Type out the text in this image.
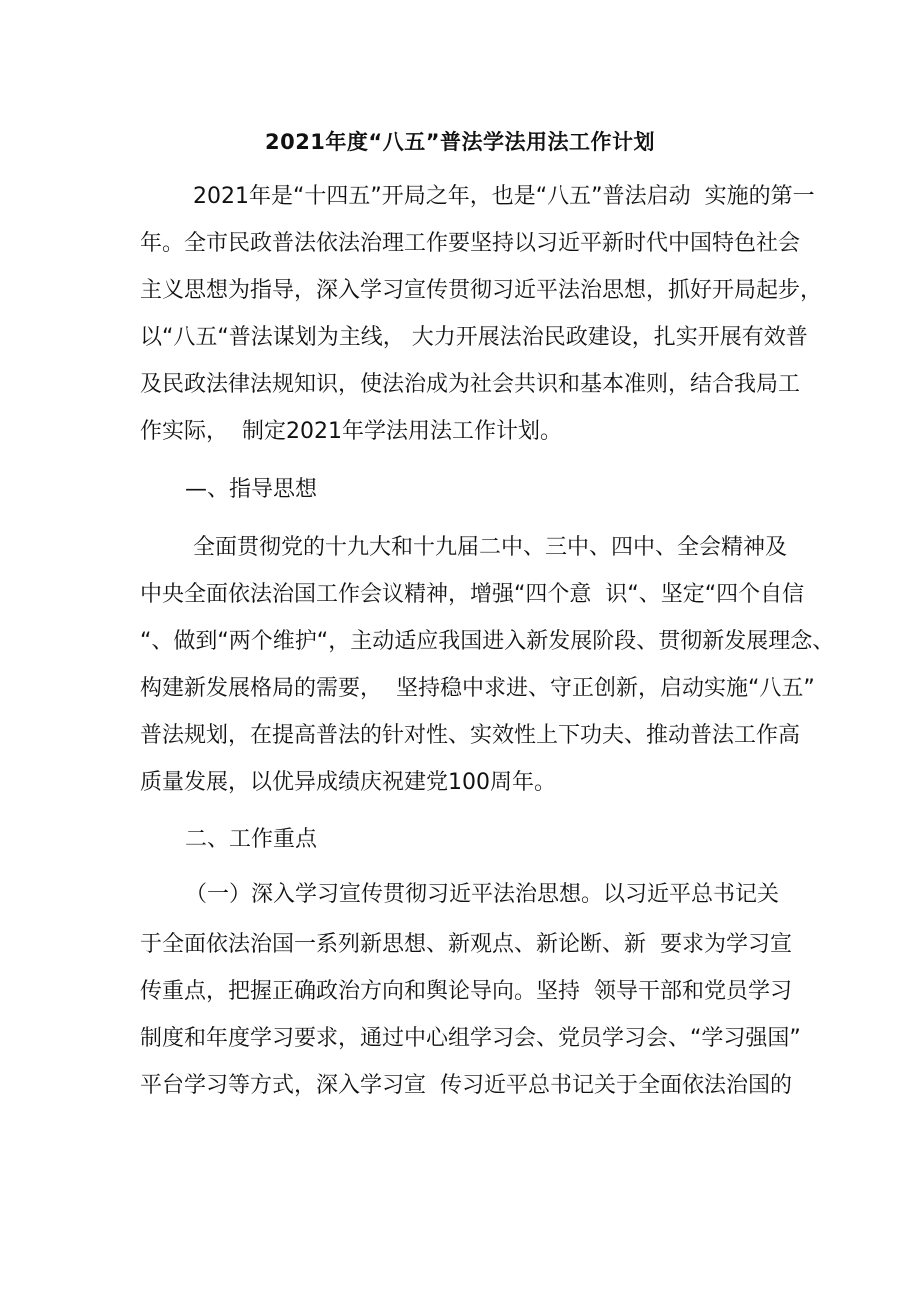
2021年度“八五”普法学法用法工作计划
2021年是“十四五”开局之年，也是“八五”普法启动  实施的第一
年。全市民政普法依法治理工作要坚持以习近平新时代中国特色社会
主义思想为指导，深入学习宣传贯彻习近平法治思想，抓好开局起步，
以“八五“普法谋划为主线， 大力开展法治民政建设，扎实开展有效普
及民政法律法规知识，使法治成为社会共识和基本准则，结合我局工
作实际，  制定2021年学法用法工作计划。
—、指导思想
全面贯彻党的十九大和十九届二中、三中、四中、全会精神及
中央全面依法治国工作会议精神，增强“四个意  识“、坚定“四个自信
“、做到“两个维护“，主动适应我国进入新发展阶段、贯彻新发展理念、
构建新发展格局的需要，  坚持稳中求进、守正创新，启动实施“八五”
普法规划，在提高普法的针对性、实效性上下功夫、推动普法工作高
质量发展，以优异成绩庆祝建党100周年。
二、工作重点
（一）深入学习宣传贯彻习近平法治思想。以习近平总书记关
于全面依法治国一系列新思想、新观点、新论断、新  要求为学习宣
传重点，把握正确政治方向和舆论导向。坚持  领导干部和党员学习
制度和年度学习要求，通过中心组学习会、党员学习会、“学习强国”
平台学习等方式，深入学习宣  传习近平总书记关于全面依法治国的
